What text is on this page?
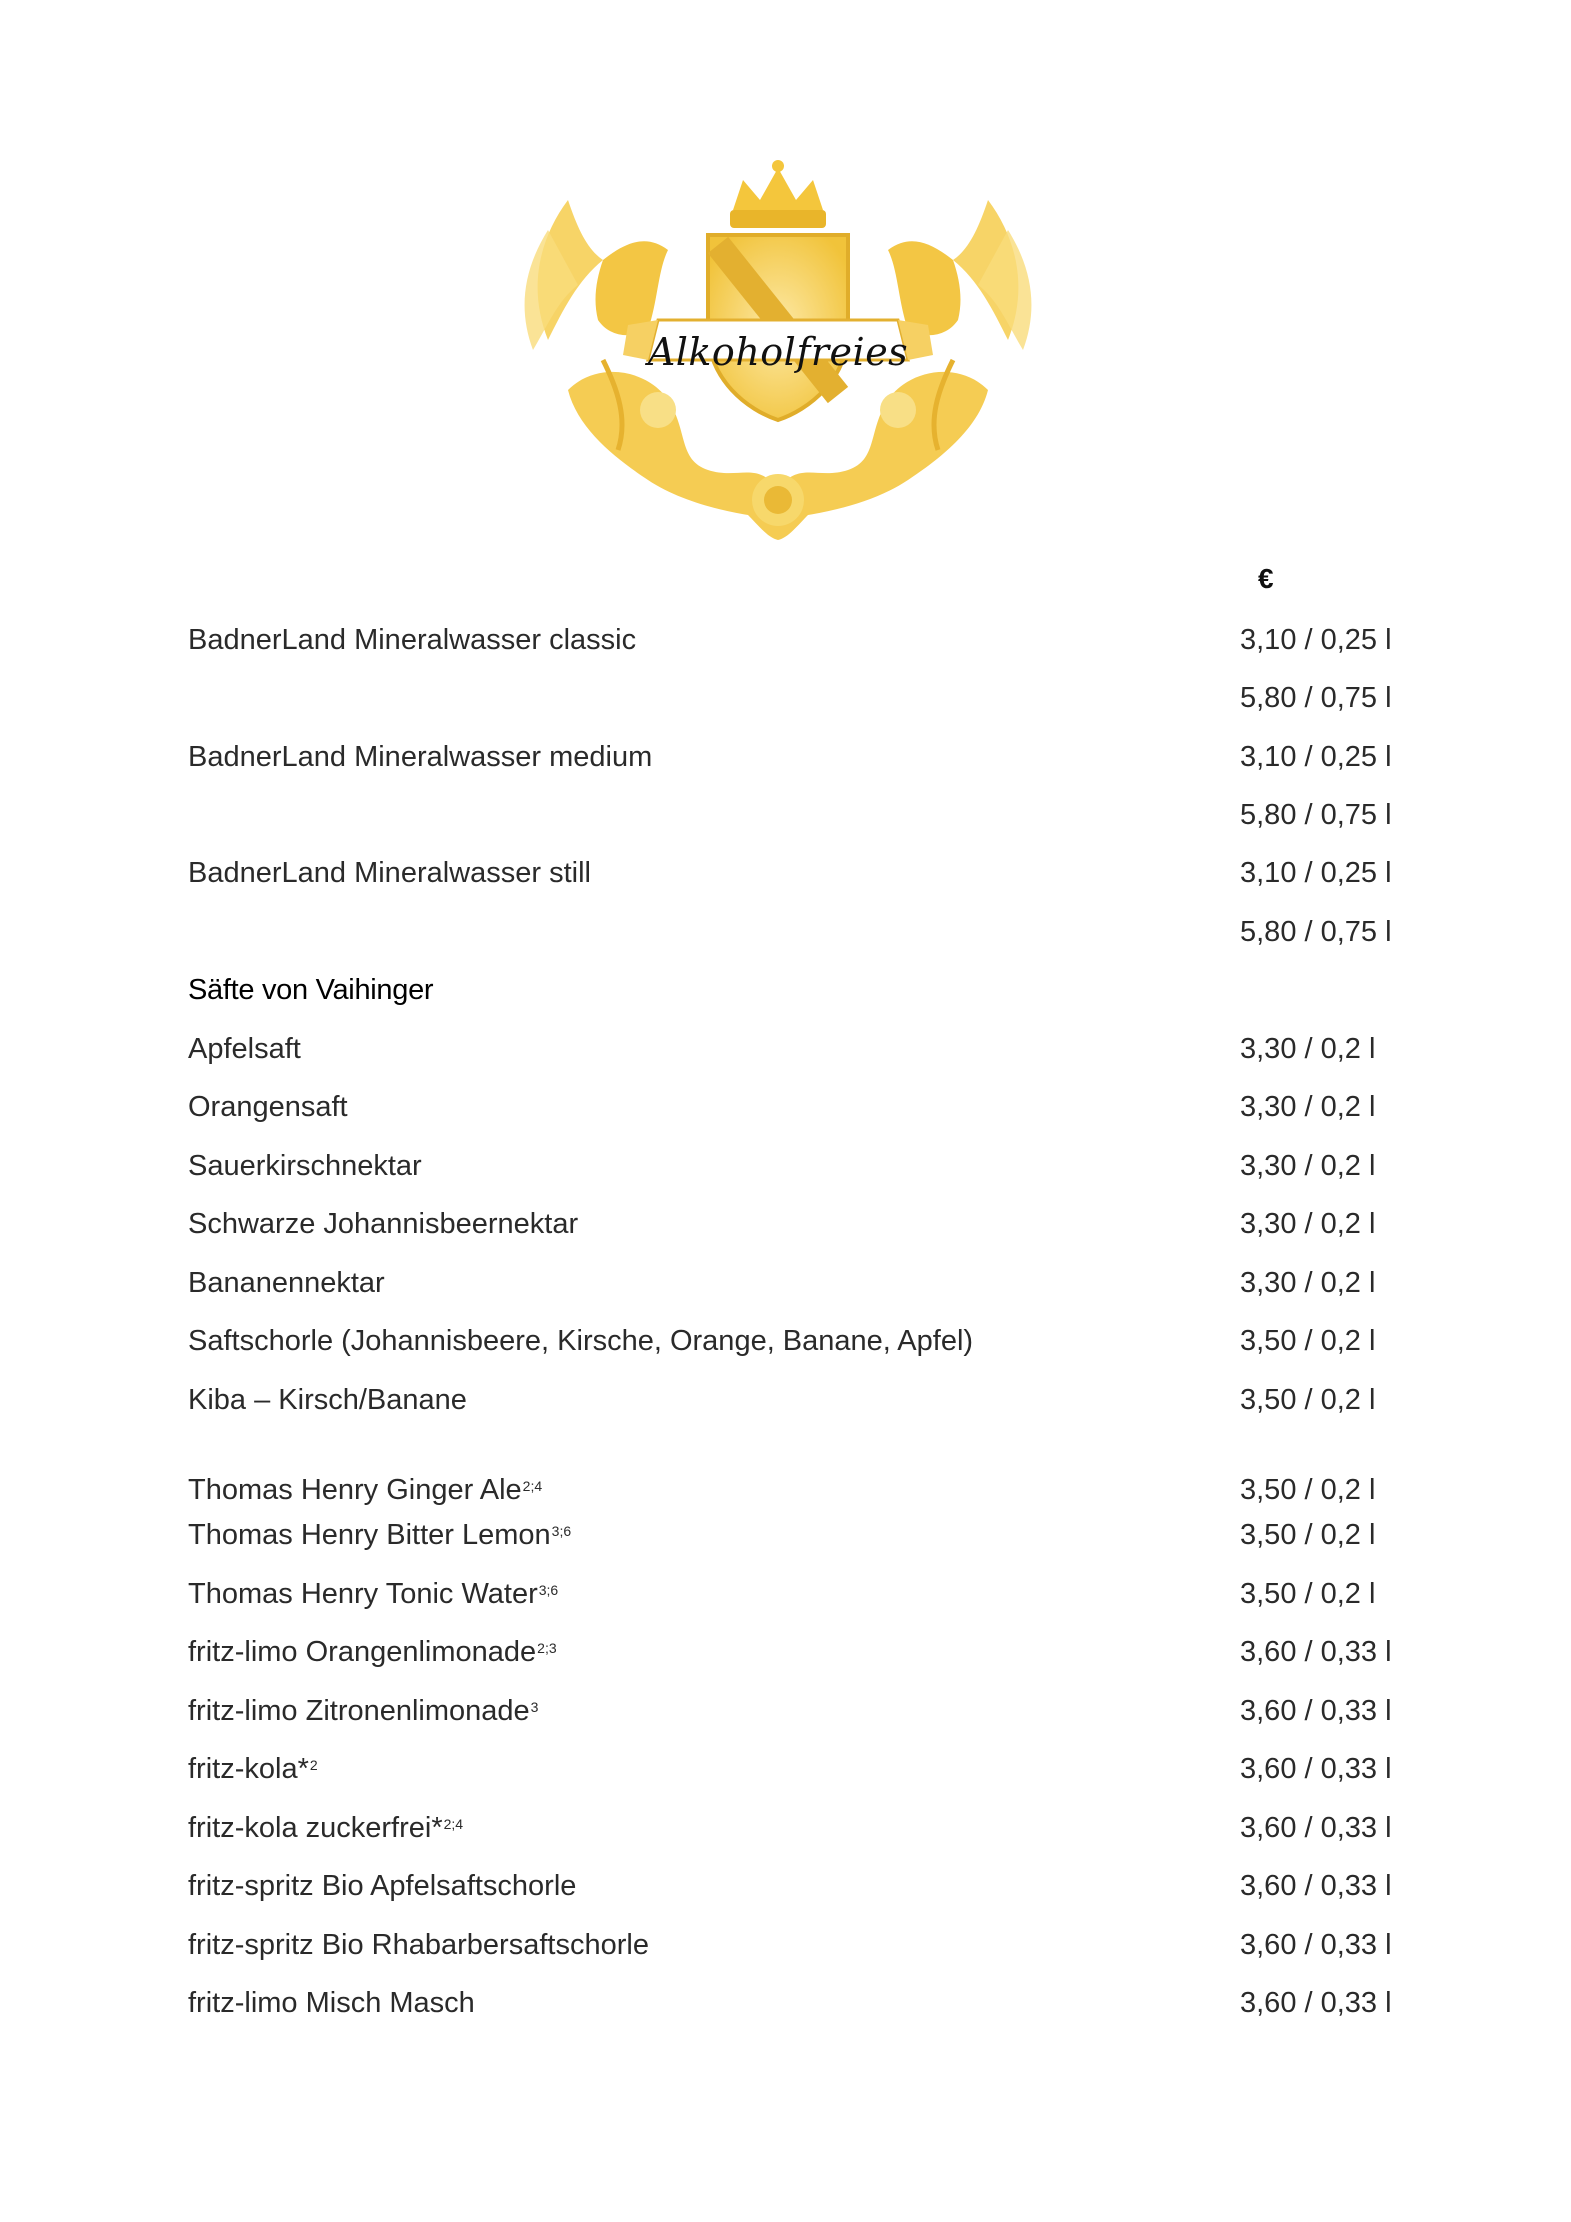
Alkoholfreies
€
BadnerLand Mineralwasser classic	3,10 / 0,25 l
5,80 / 0,75 l
BadnerLand Mineralwasser medium	3,10 / 0,25 l
5,80 / 0,75 l
BadnerLand Mineralwasser still	3,10 / 0,25 l
5,80 / 0,75 l
Säfte von Vaihinger
Apfelsaft	3,30 / 0,2 l
Orangensaft	3,30 / 0,2 l
Sauerkirschnektar	3,30 / 0,2 l
Schwarze Johannisbeernektar	3,30 / 0,2 l
Bananennektar	3,30 / 0,2 l
Saftschorle (Johannisbeere, Kirsche, Orange, Banane, Apfel)	3,50 / 0,2 l
Kiba – Kirsch/Banane	3,50 / 0,2 l
Thomas Henry Ginger Ale$^{2;4}$	3,50 / 0,2 l
Thomas Henry Bitter Lemon$^{3;6}$	3,50 / 0,2 l
Thomas Henry Tonic Water$^{3;6}$	3,50 / 0,2 l
fritz-limo Orangenlimonade$^{2;3}$	3,60 / 0,33 l
fritz-limo Zitronenlimonade$^3$	3,60 / 0,33 l
fritz-kola*$^2$	3,60 / 0,33 l
fritz-kola zuckerfrei*$^{2;4}$	3,60 / 0,33 l
fritz-spritz Bio Apfelsaftschorle	3,60 / 0,33 l
fritz-spritz Bio Rhabarbersaftschorle	3,60 / 0,33 l
fritz-limo Misch Masch	3,60 / 0,33 l
